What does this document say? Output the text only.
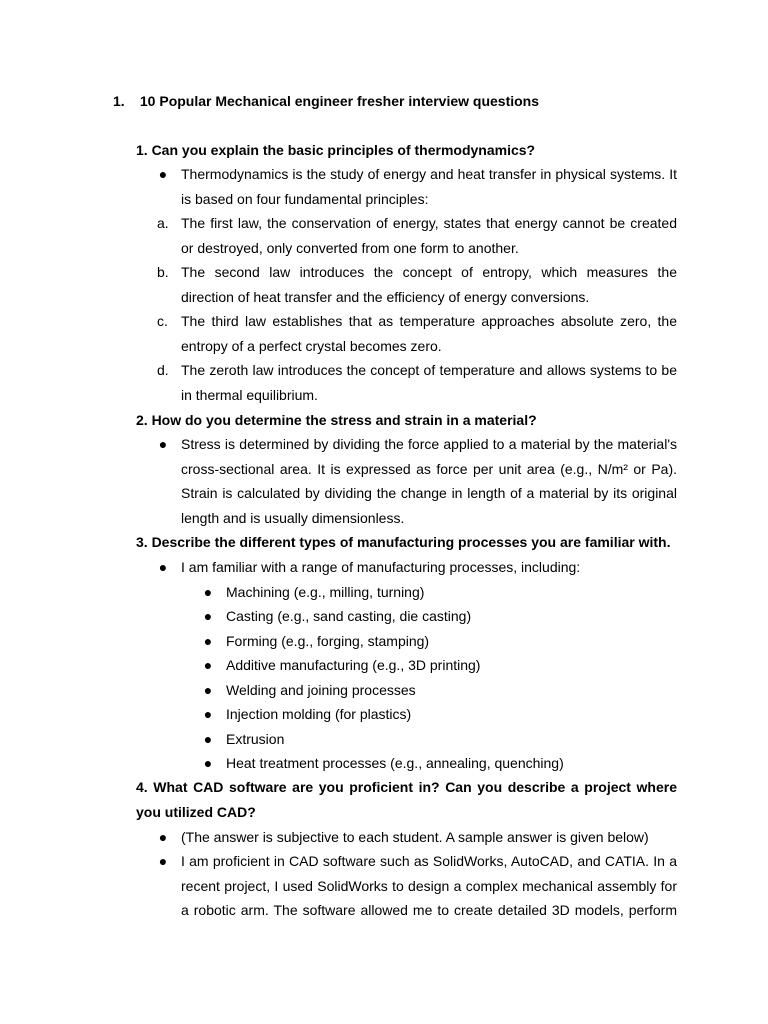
1. 10 Popular Mechanical engineer fresher interview questions
1. Can you explain the basic principles of thermodynamics?
● Thermodynamics is the study of energy and heat transfer in physical systems. It is based on four fundamental principles:
a. The first law, the conservation of energy, states that energy cannot be created or destroyed, only converted from one form to another.
b. The second law introduces the concept of entropy, which measures the direction of heat transfer and the efficiency of energy conversions.
c. The third law establishes that as temperature approaches absolute zero, the entropy of a perfect crystal becomes zero.
d. The zeroth law introduces the concept of temperature and allows systems to be in thermal equilibrium.
2. How do you determine the stress and strain in a material?
● Stress is determined by dividing the force applied to a material by the material's cross-sectional area. It is expressed as force per unit area (e.g., N/m² or Pa). Strain is calculated by dividing the change in length of a material by its original length and is usually dimensionless.
3. Describe the different types of manufacturing processes you are familiar with.
● I am familiar with a range of manufacturing processes, including:
● Machining (e.g., milling, turning)
● Casting (e.g., sand casting, die casting)
● Forming (e.g., forging, stamping)
● Additive manufacturing (e.g., 3D printing)
● Welding and joining processes
● Injection molding (for plastics)
● Extrusion
● Heat treatment processes (e.g., annealing, quenching)
4. What CAD software are you proficient in? Can you describe a project where you utilized CAD?
● (The answer is subjective to each student. A sample answer is given below)
● I am proficient in CAD software such as SolidWorks, AutoCAD, and CATIA. In a recent project, I used SolidWorks to design a complex mechanical assembly for a robotic arm. The software allowed me to create detailed 3D models, perform
